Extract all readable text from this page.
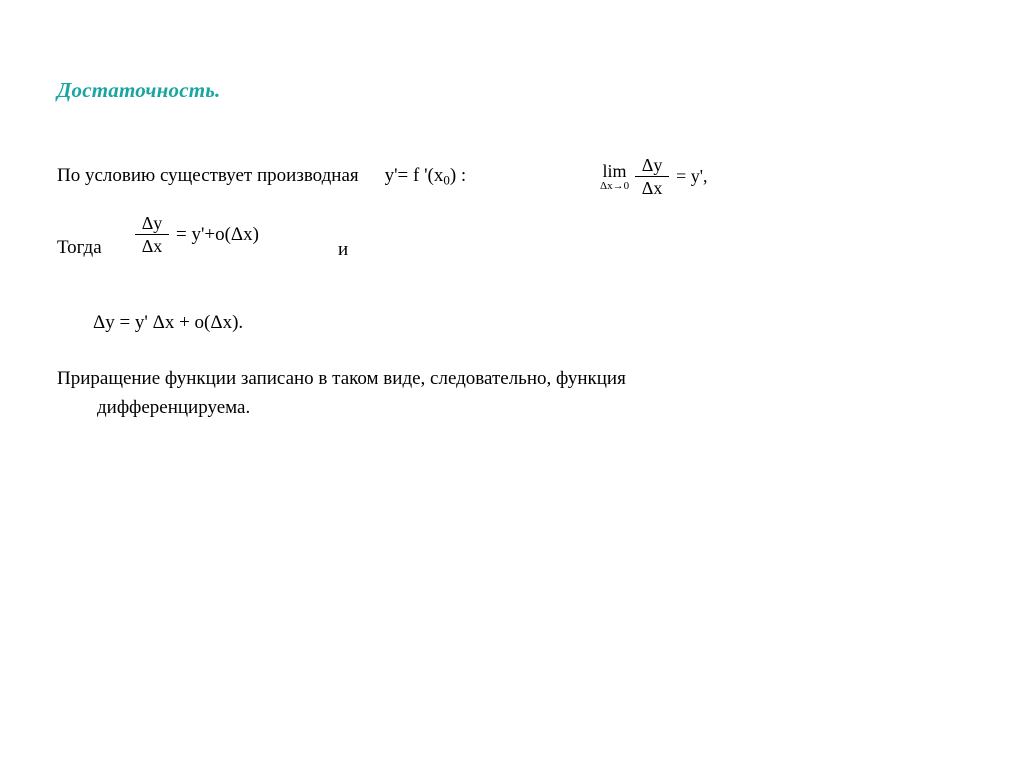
Достаточность.
По условию существует производная y'= f '$(x_0)$ :	lim
$\Delta x\to 0 \frac{\Delta y}{\Delta x} = y'$,
Тогда $\frac{\Delta y}{\Delta x} = y'+o(\Delta x)$
и
Δy = y' Δx + o(Δx).
Приращение функции записано в таком виде, следовательно, функция
дифференцируема.
